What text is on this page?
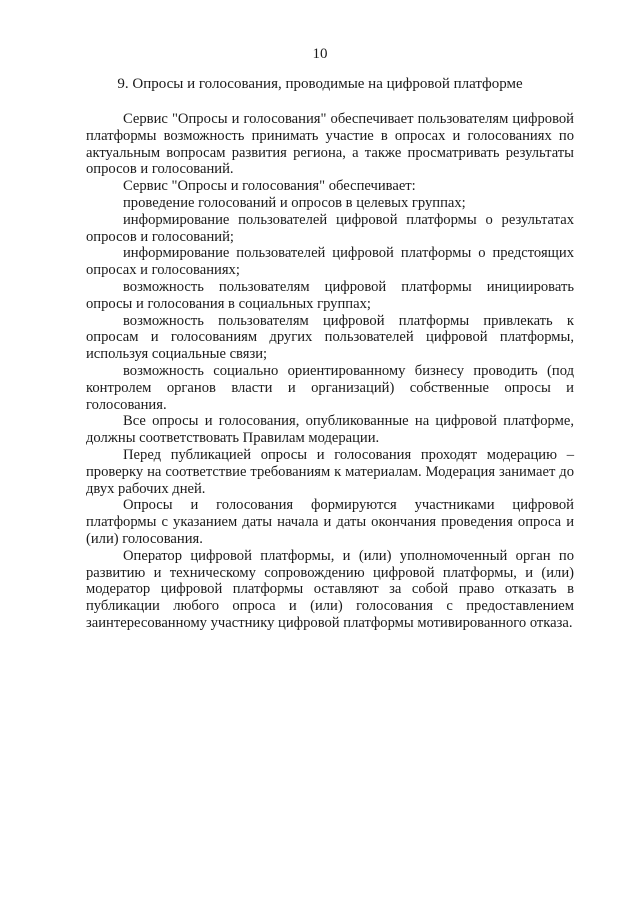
10
9. Опросы и голосования, проводимые на цифровой платформе

Сервис "Опросы и голосования" обеспечивает пользователям цифровой платформы возможность принимать участие в опросах и голосованиях по актуальным вопросам развития региона, а также просматривать результаты опросов и голосований.

Сервис "Опросы и голосования" обеспечивает:

проведение голосований и опросов в целевых группах;

информирование пользователей цифровой платформы о результатах опросов и голосований;

информирование пользователей цифровой платформы о предстоящих опросах и голосованиях;

возможность пользователям цифровой платформы инициировать опросы и голосования в социальных группах;

возможность пользователям цифровой платформы привлекать к опросам и голосованиям других пользователей цифровой платформы, используя социальные связи;

возможность социально ориентированному бизнесу проводить (под контролем органов власти и организаций) собственные опросы и голосования.

Все опросы и голосования, опубликованные на цифровой платформе, должны соответствовать Правилам модерации.

Перед публикацией опросы и голосования проходят модерацию – проверку на соответствие требованиям к материалам. Модерация занимает до двух рабочих дней.

Опросы и голосования формируются участниками цифровой платформы с указанием даты начала и даты окончания проведения опроса и (или) голосования.

Оператор цифровой платформы, и (или) уполномоченный орган по развитию и техническому сопровождению цифровой платформы, и (или) модератор цифровой платформы оставляют за собой право отказать в публикации любого опроса и (или) голосования с предоставлением заинтересованному участнику цифровой платформы мотивированного отказа.
